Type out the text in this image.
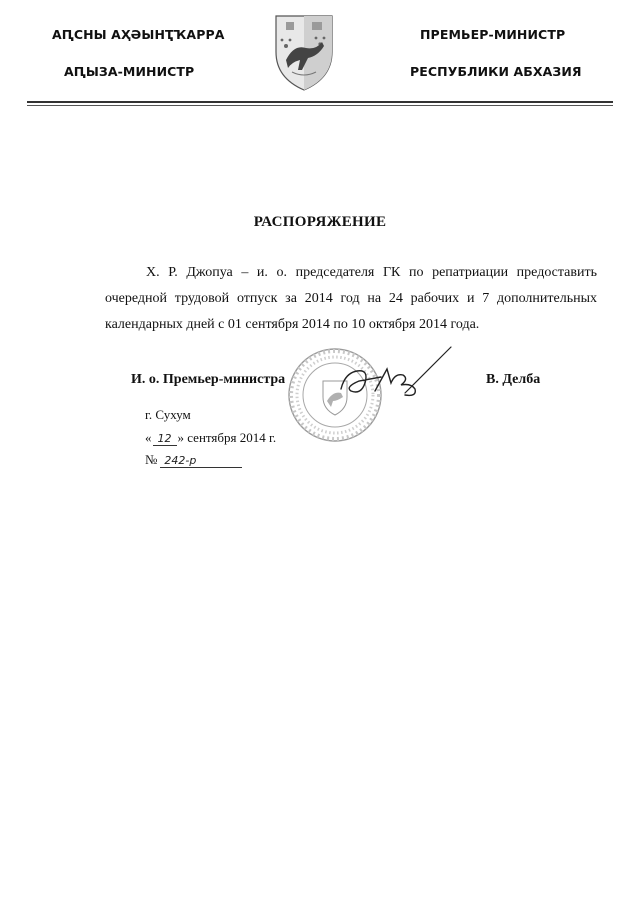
АԤСНЫ АҲӘЫНҬҠАРРА
АԤЫЗА-МИНИСТР
ПРЕМЬЕР-МИНИСТР
РЕСПУБЛИКИ АБХАЗИЯ
РАСПОРЯЖЕНИЕ
Х. Р. Джопуа – и. о. председателя ГК по репатриации предоставить
очередной трудовой отпуск за 2014 год на 24 рабочих и 7 дополнительных
календарных дней с 01 сентября 2014 по 10 октября 2014 года.
И. о. Премьер-министра	В. Делба
г. Сухум
« 12 » сентября 2014 г.
№ 242-р
